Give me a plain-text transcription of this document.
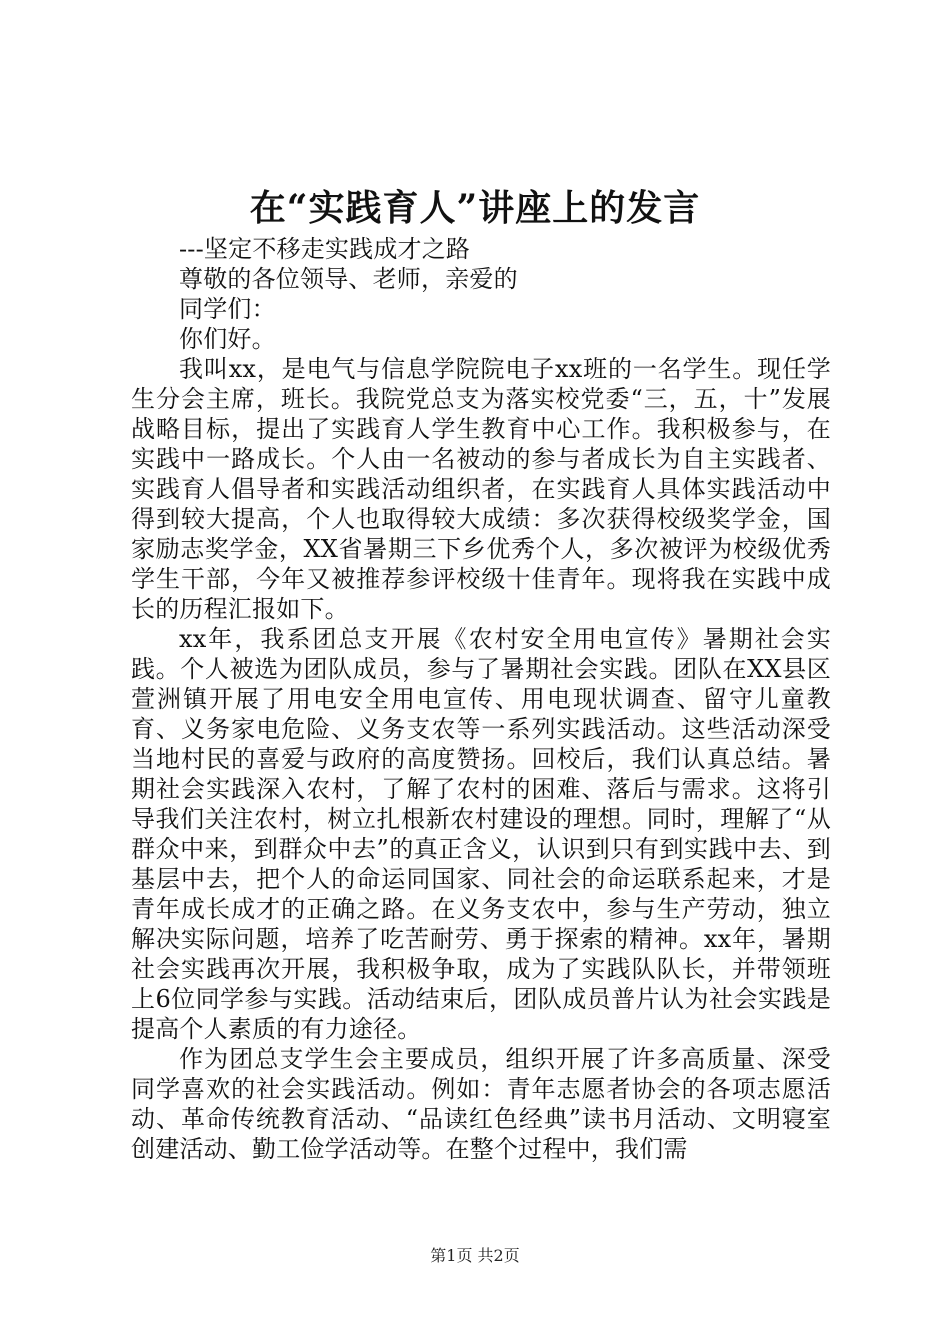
在“实践育人”讲座上的发言

---坚定不移走实践成才之路

尊敬的各位领导、老师，亲爱的

同学们：

你们好。

我叫xx，是电气与信息学院院电子xx班的一名学生。现任学生分会主席，班长。我院党总支为落实校党委“三，五，十”发展战略目标，提出了实践育人学生教育中心工作。我积极参与，在实践中一路成长。个人由一名被动的参与者成长为自主实践者、实践育人倡导者和实践活动组织者，在实践育人具体实践活动中得到较大提高，个人也取得较大成绩：多次获得校级奖学金，国家励志奖学金，XX省暑期三下乡优秀个人，多次被评为校级优秀学生干部，今年又被推荐参评校级十佳青年。现将我在实践中成长的历程汇报如下。

xx年，我系团总支开展《农村安全用电宣传》暑期社会实践。个人被选为团队成员，参与了暑期社会实践。团队在XX县区萱洲镇开展了用电安全用电宣传、用电现状调查、留守儿童教育、义务家电危险、义务支农等一系列实践活动。这些活动深受当地村民的喜爱与政府的高度赞扬。回校后，我们认真总结。暑期社会实践深入农村，了解了农村的困难、落后与需求。这将引导我们关注农村，树立扎根新农村建设的理想。同时，理解了“从群众中来，到群众中去”的真正含义，认识到只有到实践中去、到基层中去，把个人的命运同国家、同社会的命运联系起来，才是青年成长成才的正确之路。在义务支农中，参与生产劳动，独立解决实际问题，培养了吃苦耐劳、勇于探索的精神。xx年，暑期社会实践再次开展，我积极争取，成为了实践队队长，并带领班上6位同学参与实践。活动结束后，团队成员普片认为社会实践是提高个人素质的有力途径。

作为团总支学生会主要成员，组织开展了许多高质量、深受同学喜欢的社会实践活动。例如：青年志愿者协会的各项志愿活动、革命传统教育活动、“品读红色经典”读书月活动、文明寝室创建活动、勤工俭学活动等。在整个过程中，我们需

第1页 共2页
